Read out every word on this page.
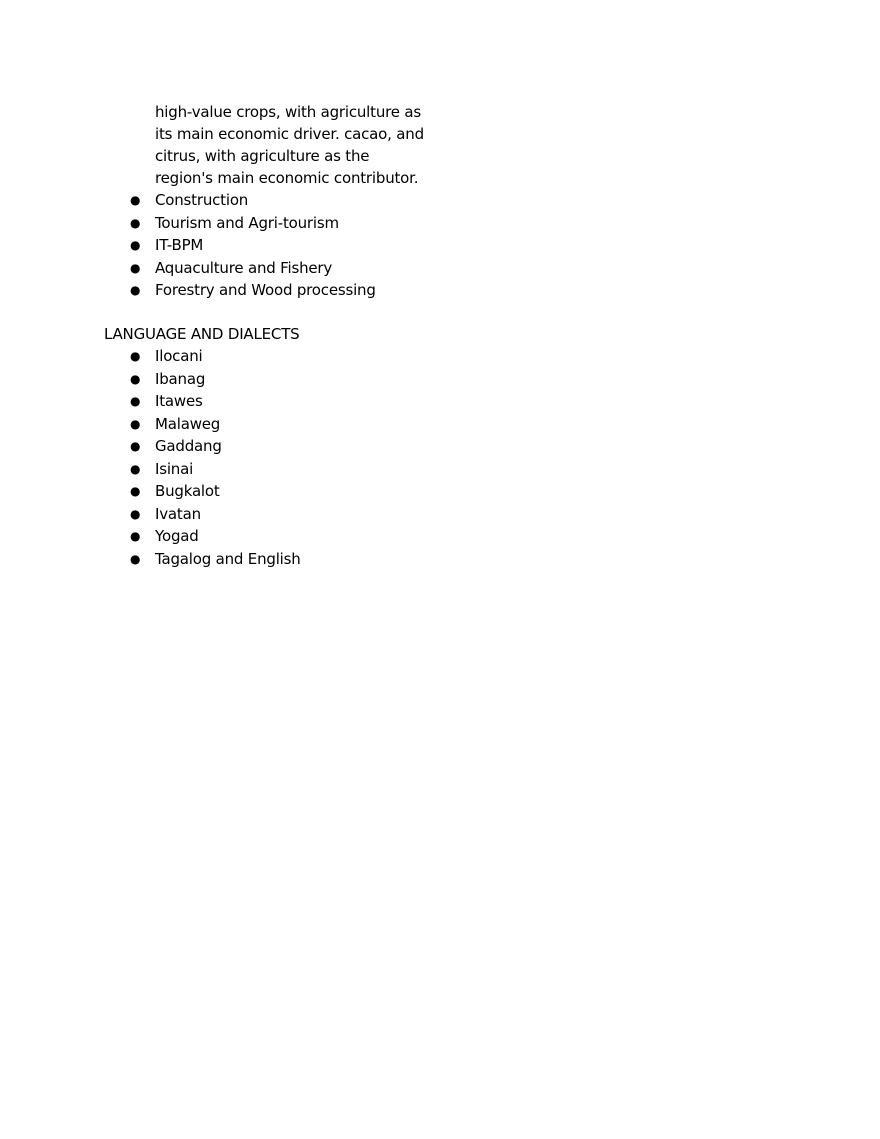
high-value crops, with agriculture as
its main economic driver. cacao, and
citrus, with agriculture as the
region's main economic contributor.
● Construction
● Tourism and Agri-tourism
● IT-BPM
● Aquaculture and Fishery
● Forestry and Wood processing
LANGUAGE AND DIALECTS
● Ilocani
● Ibanag
● Itawes
● Malaweg
● Gaddang
● Isinai
● Bugkalot
● Ivatan
● Yogad
● Tagalog and English
